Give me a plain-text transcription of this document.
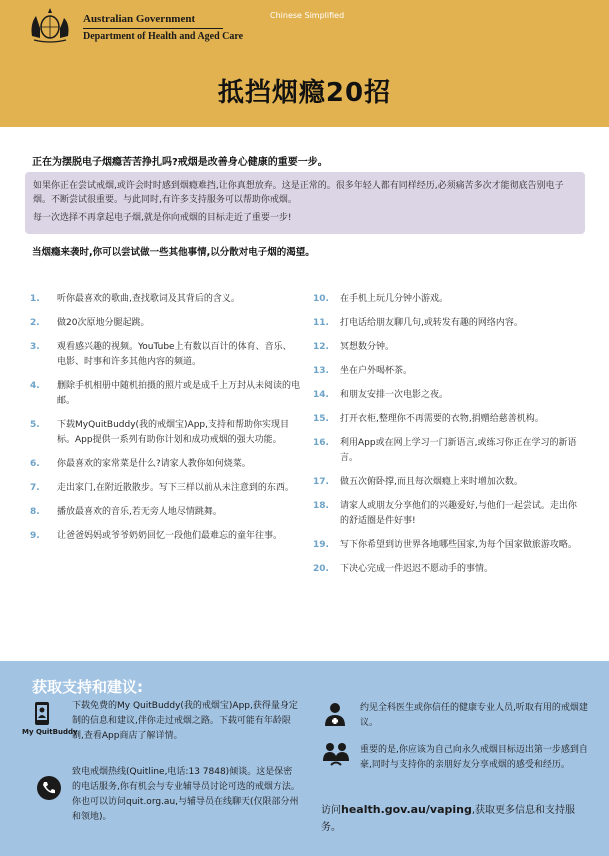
Australian Government
Department of Health and Aged Care
Chinese Simplified
抵挡烟瘾20招
正在为摆脱电子烟瘾苦苦挣扎吗?戒烟是改善身心健康的重要一步。

如果你正在尝试戒烟,或许会时时感到烟瘾难挡,让你真想放弃。这是正常的。很多年轻人都有同样经历,必须痛苦多次才能彻底告别电子烟。不断尝试很重要。与此同时,有许多支持服务可以帮助你戒烟。

每一次选择不再拿起电子烟,就是你向戒烟的目标走近了重要一步!

当烟瘾来袭时,你可以尝试做一些其他事情,以分散对电子烟的渴望。
1. 听你最喜欢的歌曲,查找歌词及其背后的含义。
2. 做20次原地分腿起跳。
3. 观看感兴趣的视频。YouTube上有数以百计的体育、音乐、电影、时事和许多其他内容的频道。
4. 删除手机相册中随机拍摄的照片或是成千上万封从未阅读的电邮。
5. 下载MyQuitBuddy(我的戒烟宝)App,支持和帮助你实现目标。App提供一系列有助你计划和成功戒烟的强大功能。
6. 你最喜欢的家常菜是什么?请家人教你如何烧菜。
7. 走出家门,在附近散散步。写下三样以前从未注意到的东西。
8. 播放最喜欢的音乐,若无旁人地尽情跳舞。
9. 让爸爸妈妈或爷爷奶奶回忆一段他们最难忘的童年往事。
10. 在手机上玩几分钟小游戏。
11. 打电话给朋友聊几句,或转发有趣的网络内容。
12. 冥想数分钟。
13. 坐在户外喝杯茶。
14. 和朋友安排一次电影之夜。
15. 打开衣柜,整理你不再需要的衣物,捐赠给慈善机构。
16. 利用App或在网上学习一门新语言,或练习你正在学习的新语言。
17. 做五次俯卧撑,而且每次烟瘾上来时增加次数。
18. 请家人或朋友分享他们的兴趣爱好,与他们一起尝试。走出你的舒适圈是件好事!
19. 写下你希望到访世界各地哪些国家,为每个国家做旅游攻略。
20. 下决心完成一件迟迟不愿动手的事情。
获取支持和建议:
My QuitBuddy
下载免费的My QuitBuddy(我的戒烟宝)App,获得量身定制的信息和建议,伴你走过戒烟之路。下载可能有年龄限制,查看App商店了解详情。
致电戒烟热线(Quitline,电话:13 7848)倾谈。这是保密的电话服务,你有机会与专业辅导员讨论可选的戒烟方法。你也可以访问quit.org.au,与辅导员在线聊天(仅限部分州和领地)。
约见全科医生或你信任的健康专业人员,听取有用的戒烟建议。
重要的是,你应该为自己向永久戒烟目标迈出第一步感到自豪,同时与支持你的亲朋好友分享戒烟的感受和经历。
访问health.gov.au/vaping,获取更多信息和支持服务。
